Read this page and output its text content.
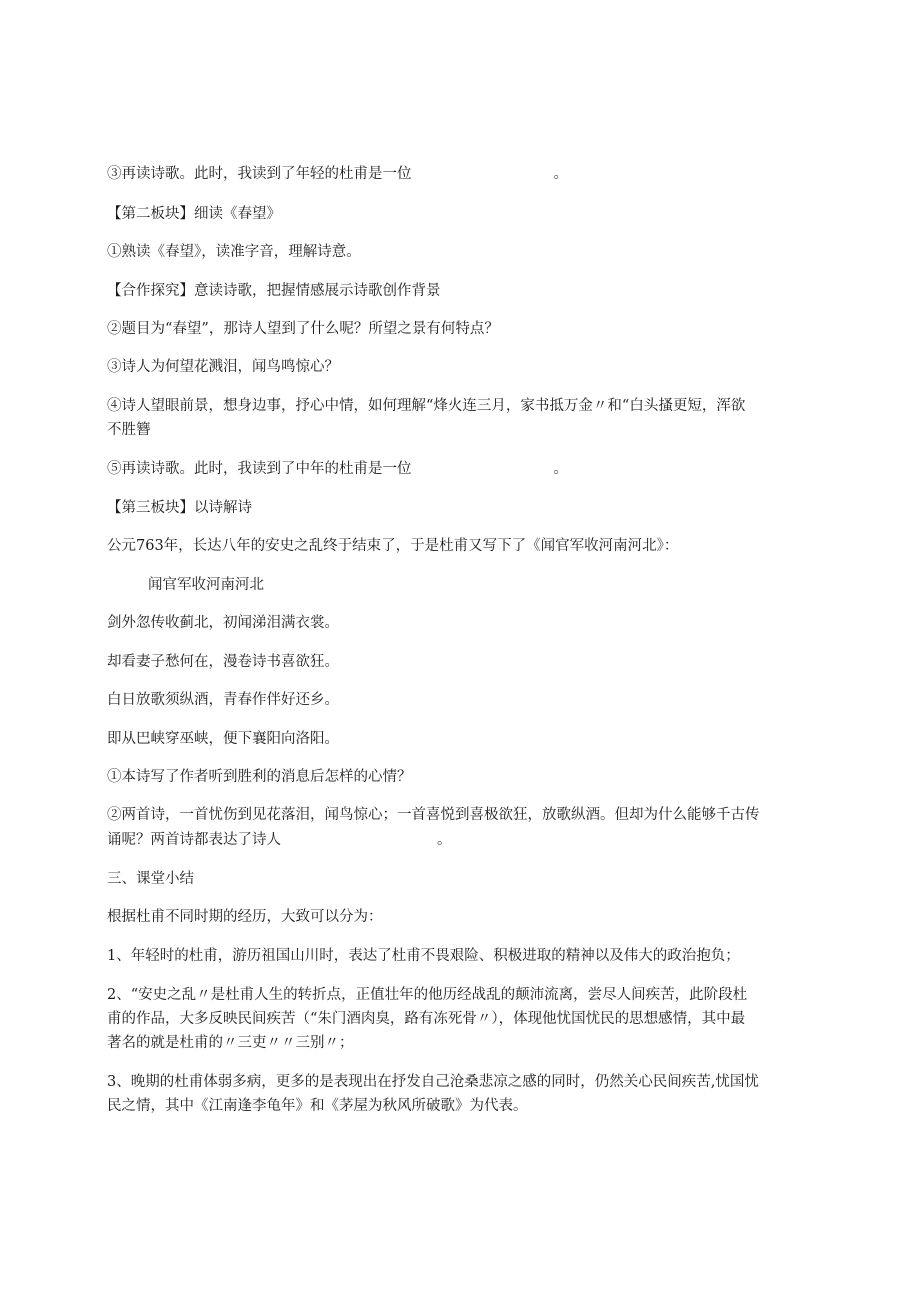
③再读诗歌。此时，我读到了年轻的杜甫是一位	。
【第二板块】细读《春望》
①熟读《春望》，读准字音，理解诗意。
【合作探究】意读诗歌，把握情感展示诗歌创作背景
②题目为“春望”，那诗人望到了什么呢？所望之景有何特点？
③诗人为何望花溅泪，闻鸟鸣惊心？
④诗人望眼前景，想身边事，抒心中情，如何理解“烽火连三月，家书抵万金〃和“白头搔更短，浑欲
不胜簪
⑤再读诗歌。此时，我读到了中年的杜甫是一位	。
【第三板块】以诗解诗
公元763年，长达八年的安史之乱终于结束了，于是杜甫又写下了《闻官军收河南河北》：
闻官军收河南河北
剑外忽传收蓟北，初闻涕泪满衣裳。
却看妻子愁何在，漫卷诗书喜欲狂。
白日放歌须纵酒，青春作伴好还乡。
即从巴峡穿巫峡，便下襄阳向洛阳。
①本诗写了作者听到胜利的消息后怎样的心情？
②两首诗，一首忧伤到见花落泪，闻鸟惊心；一首喜悦到喜极欲狂，放歌纵酒。但却为什么能够千古传
诵呢？两首诗都表达了诗人	。
三、课堂小结
根据杜甫不同时期的经历，大致可以分为：
1、年轻时的杜甫，游历祖国山川时，表达了杜甫不畏艰险、积极进取的精神以及伟大的政治抱负；
2、“安史之乱〃是杜甫人生的转折点，正值壮年的他历经战乱的颠沛流离，尝尽人间疾苦，此阶段杜
甫的作品，大多反映民间疾苦（“朱门酒肉臭，路有冻死骨〃），体现他忧国忧民的思想感情，其中最
著名的就是杜甫的〃三吏〃〃三别〃；
3、晚期的杜甫体弱多病，更多的是表现出在抒发自己沧桑悲凉之感的同时，仍然关心民间疾苦,忧国忧
民之情，其中《江南逢李龟年》和《茅屋为秋风所破歌》为代表。
